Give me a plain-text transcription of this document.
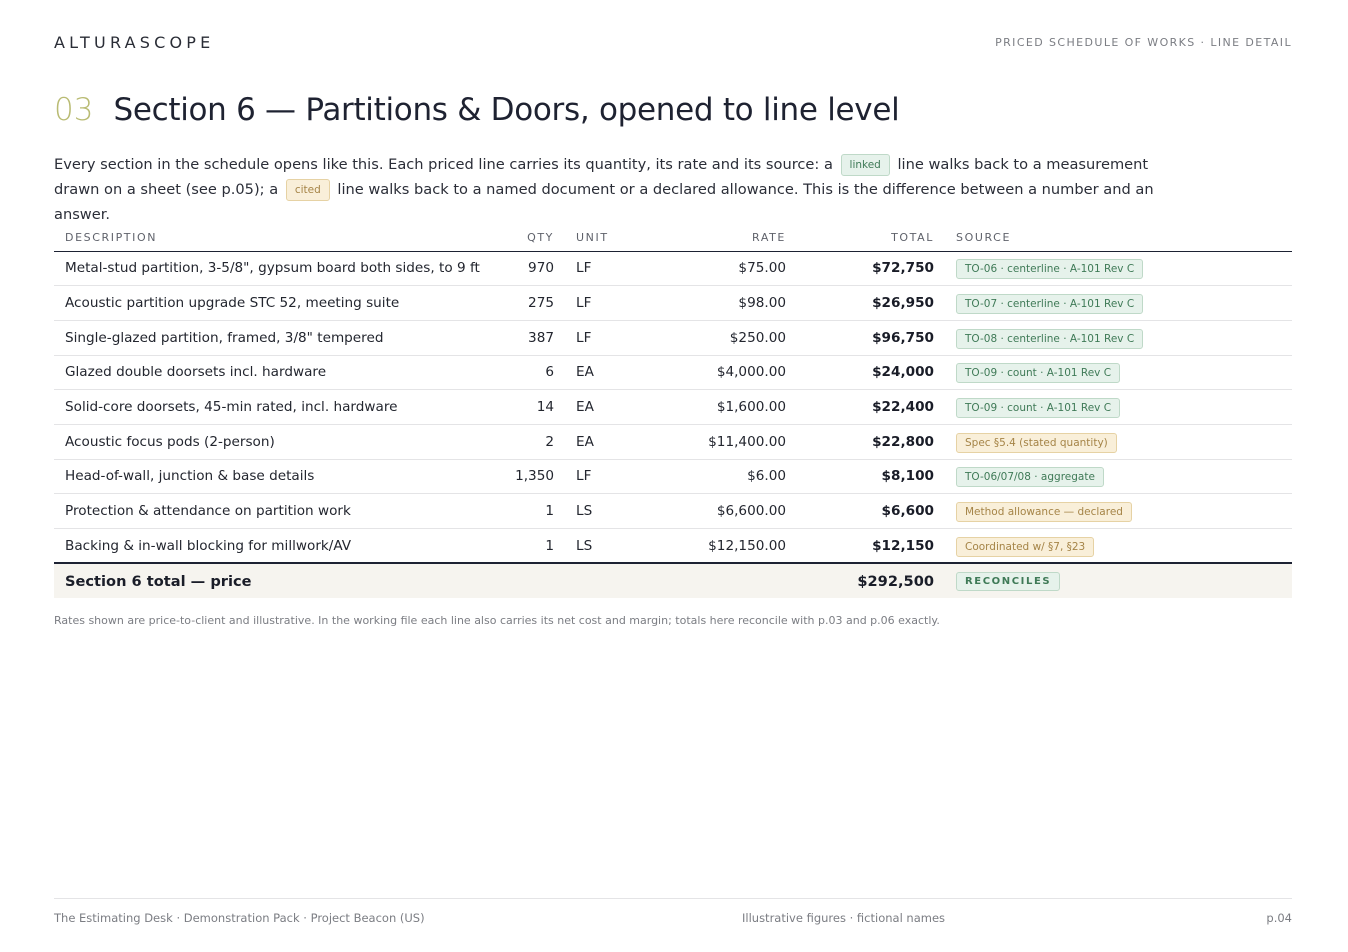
ALTURASCOPE	PRICED SCHEDULE OF WORKS · LINE DETAIL
03 Section 6 — Partitions & Doors, opened to line level

Every section in the schedule opens like this. Each priced line carries its quantity, its rate and its source: a linked line walks back to a measurement drawn on a sheet (see p.05); a cited line walks back to a named document or a declared allowance. This is the difference between a number and an answer.

DESCRIPTION	QTY	UNIT	RATE	TOTAL	SOURCE
Metal-stud partition, 3-5/8", gypsum board both sides, to 9 ft	970	LF	$75.00	$72,750	TO-06 · centerline · A-101 Rev C
Acoustic partition upgrade STC 52, meeting suite	275	LF	$98.00	$26,950	TO-07 · centerline · A-101 Rev C
Single-glazed partition, framed, 3/8" tempered	387	LF	$250.00	$96,750	TO-08 · centerline · A-101 Rev C
Glazed double doorsets incl. hardware	6	EA	$4,000.00	$24,000	TO-09 · count · A-101 Rev C
Solid-core doorsets, 45-min rated, incl. hardware	14	EA	$1,600.00	$22,400	TO-09 · count · A-101 Rev C
Acoustic focus pods (2-person)	2	EA	$11,400.00	$22,800	Spec §5.4 (stated quantity)
Head-of-wall, junction & base details	1,350	LF	$6.00	$8,100	TO-06/07/08 · aggregate
Protection & attendance on partition work	1	LS	$6,600.00	$6,600	Method allowance — declared
Backing & in-wall blocking for millwork/AV	1	LS	$12,150.00	$12,150	Coordinated w/ §7, §23
Section 6 total — price				$292,500	RECONCILES
Rates shown are price-to-client and illustrative. In the working file each line also carries its net cost and margin; totals here reconcile with p.03 and p.06 exactly.
The Estimating Desk · Demonstration Pack · Project Beacon (US)	Illustrative figures · fictional names	p.04
